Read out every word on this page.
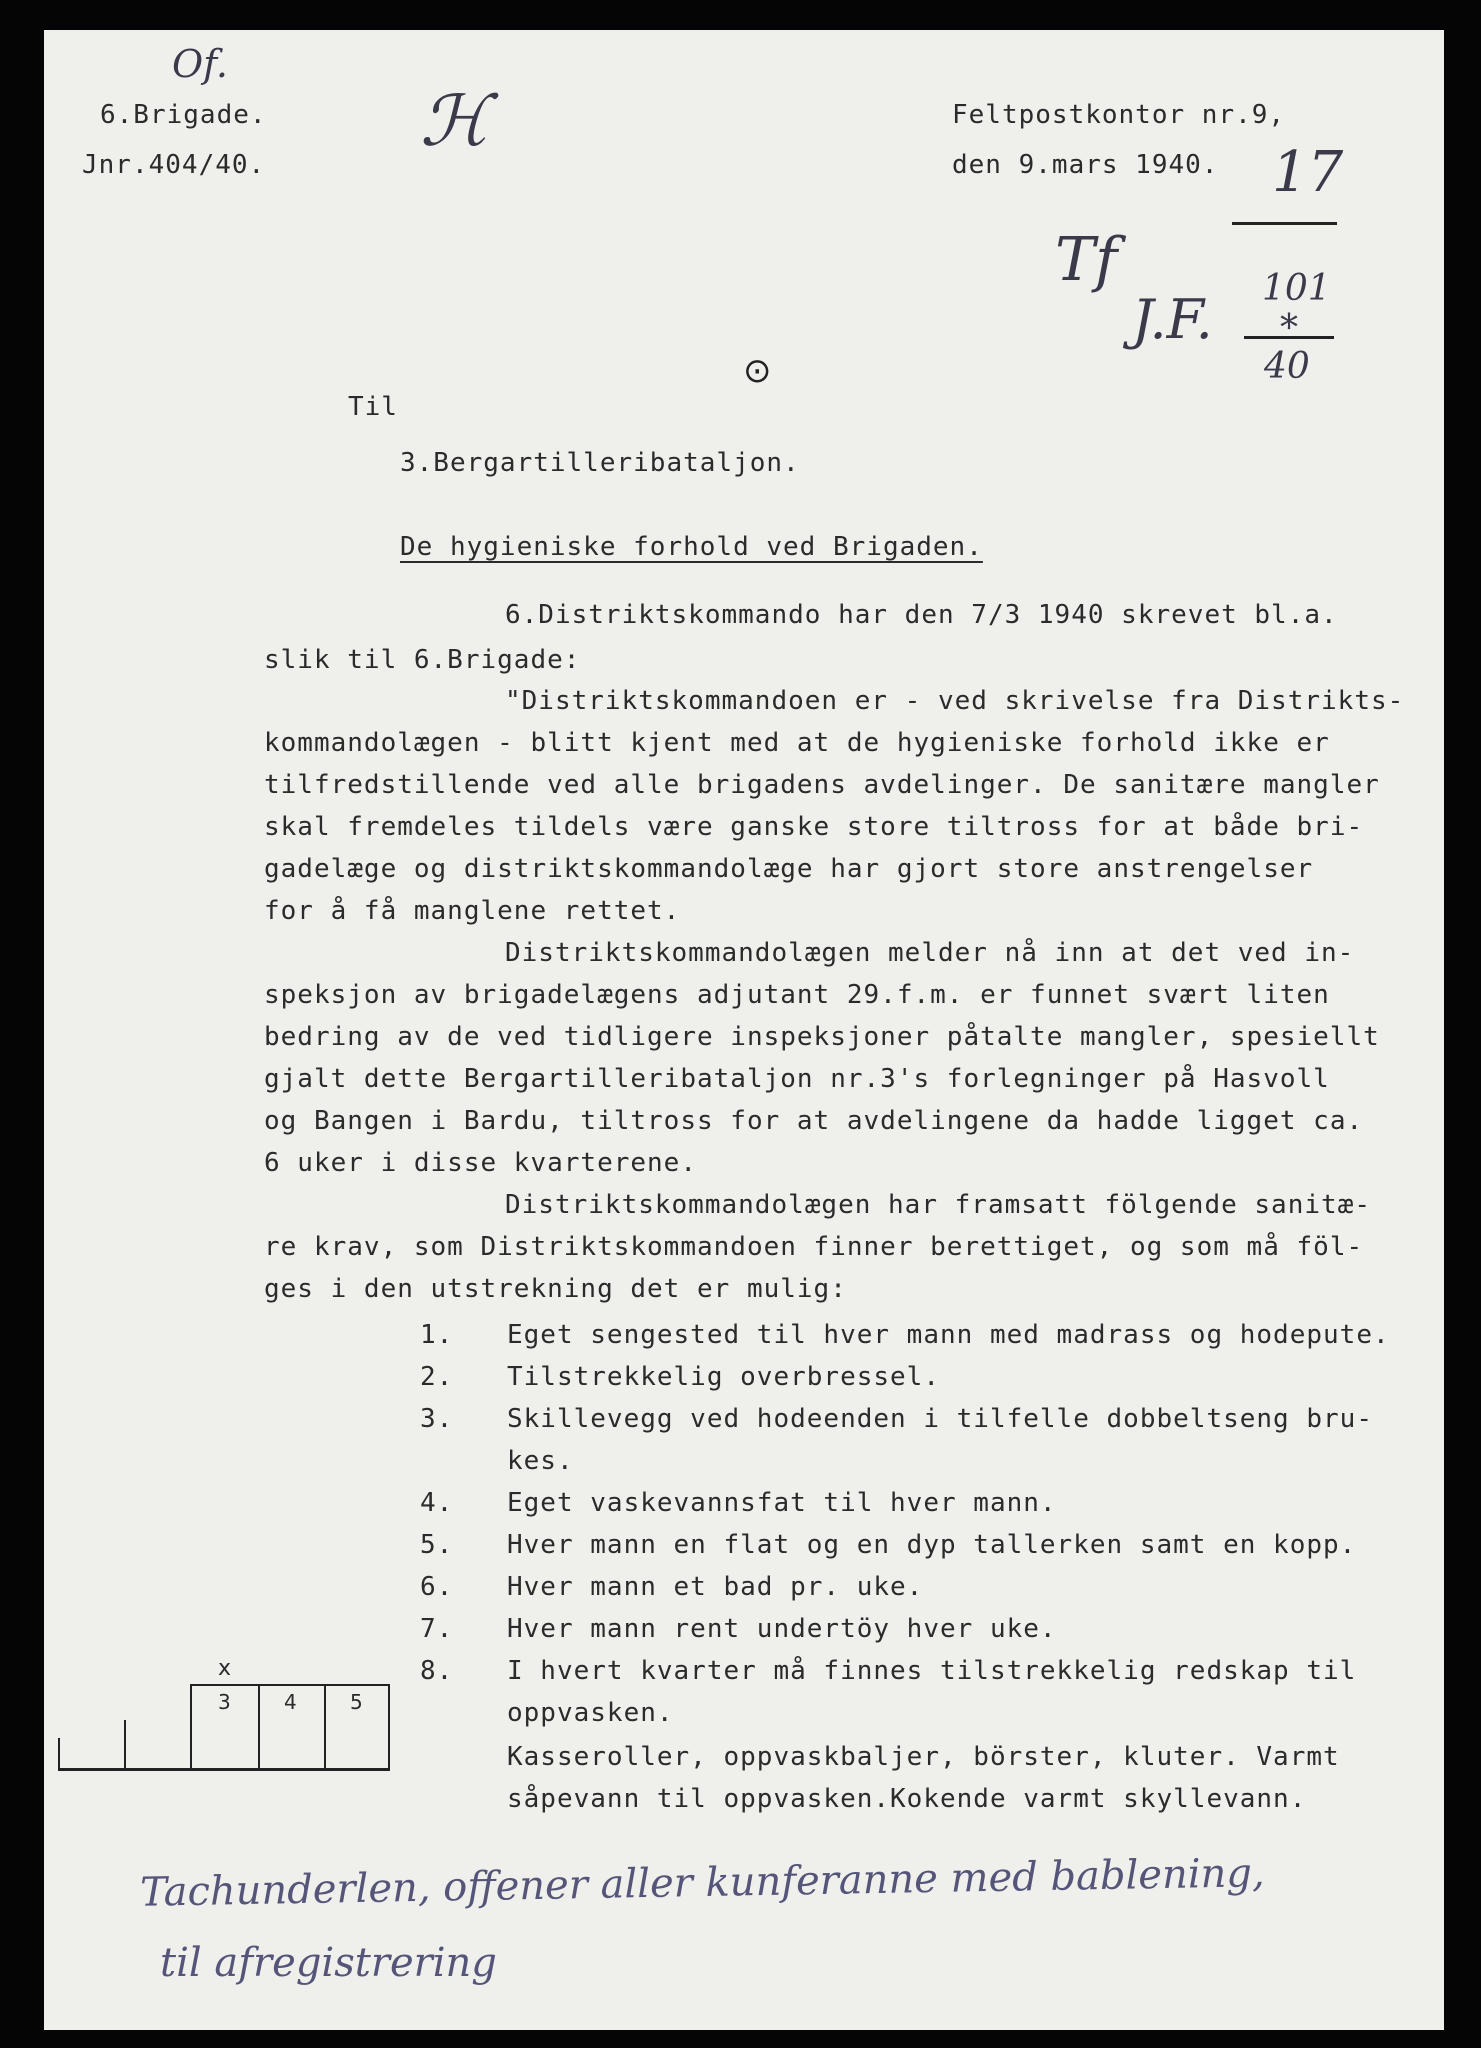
6.Brigade.
Jnr.404/40.
Feltpostkontor nr.9,
den 9.mars 1940.
Of.
ℋ
17
Tf
J.F. 101
*
40
⊙
Til
3.Bergartilleribataljon.
De hygieniske forhold ved Brigaden.
6.Distriktskommando har den 7/3 1940 skrevet bl.a.
slik til 6.Brigade:
"Distriktskommandoen er - ved skrivelse fra Distrikts-
kommandolægen - blitt kjent med at de hygieniske forhold ikke er
tilfredstillende ved alle brigadens avdelinger. De sanitære mangler
skal fremdeles tildels være ganske store tiltross for at både bri-
gadelæge og distriktskommandolæge har gjort store anstrengelser
for å få manglene rettet.
Distriktskommandolægen melder nå inn at det ved in-
speksjon av brigadelægens adjutant 29.f.m. er funnet svært liten
bedring av de ved tidligere inspeksjoner påtalte mangler, spesiellt
gjalt dette Bergartilleribataljon nr.3's forlegninger på Hasvoll
og Bangen i Bardu, tiltross for at avdelingene da hadde ligget ca.
6 uker i disse kvarterene.
Distriktskommandolægen har framsatt fölgende sanitæ-
re krav, som Distriktskommandoen finner berettiget, og som må föl-
ges i den utstrekning det er mulig:
1. Eget sengested til hver mann med madrass og hodepute.
2. Tilstrekkelig overbressel.
3. Skillevegg ved hodeenden i tilfelle dobbeltseng bru-
kes.
4. Eget vaskevannsfat til hver mann.
5. Hver mann en flat og en dyp tallerken samt en kopp.
6. Hver mann et bad pr. uke.
7. Hver mann rent undertöy hver uke.
8. I hvert kvarter må finnes tilstrekkelig redskap til
oppvasken.
Kasseroller, oppvaskbaljer, börster, kluter. Varmt
såpevann til oppvasken.Kokende varmt skyllevann.
x
3	4	5
Tachunderlen, offener aller kunferanne med bablening,
til afregistrering
